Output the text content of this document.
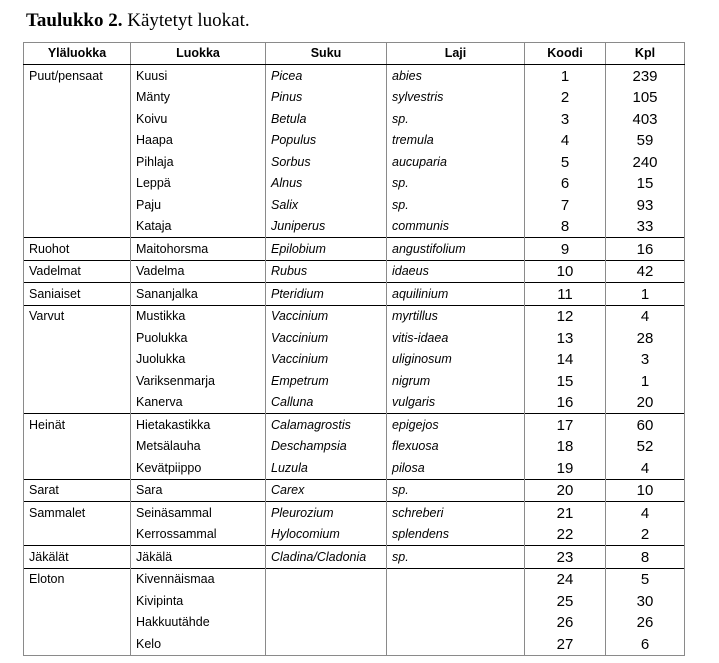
Taulukko 2. Käytetyt luokat.
Yläluokka	Luokka	Suku	Laji	Koodi	Kpl
Puut/pensaat	Kuusi	Picea	abies	1	239
	Mänty	Pinus	sylvestris	2	105
	Koivu	Betula	sp.	3	403
	Haapa	Populus	tremula	4	59
	Pihlaja	Sorbus	aucuparia	5	240
	Leppä	Alnus	sp.	6	15
	Paju	Salix	sp.	7	93
	Kataja	Juniperus	communis	8	33
Ruohot	Maitohorsma	Epilobium	angustifolium	9	16
Vadelmat	Vadelma	Rubus	idaeus	10	42
Saniaiset	Sananjalka	Pteridium	aquilinium	11	1
Varvut	Mustikka	Vaccinium	myrtillus	12	4
	Puolukka	Vaccinium	vitis-idaea	13	28
	Juolukka	Vaccinium	uliginosum	14	3
	Variksenmarja	Empetrum	nigrum	15	1
	Kanerva	Calluna	vulgaris	16	20
Heinät	Hietakastikka	Calamagrostis	epigejos	17	60
	Metsälauha	Deschampsia	flexuosa	18	52
	Kevätpiippo	Luzula	pilosa	19	4
Sarat	Sara	Carex	sp.	20	10
Sammalet	Seinäsammal	Pleurozium	schreberi	21	4
	Kerrossammal	Hylocomium	splendens	22	2
Jäkälät	Jäkälä	Cladina/Cladonia	sp.	23	8
Eloton	Kivennäismaa			24	5
	Kivipinta			25	30
	Hakkuutähde			26	26
	Kelo			27	6
